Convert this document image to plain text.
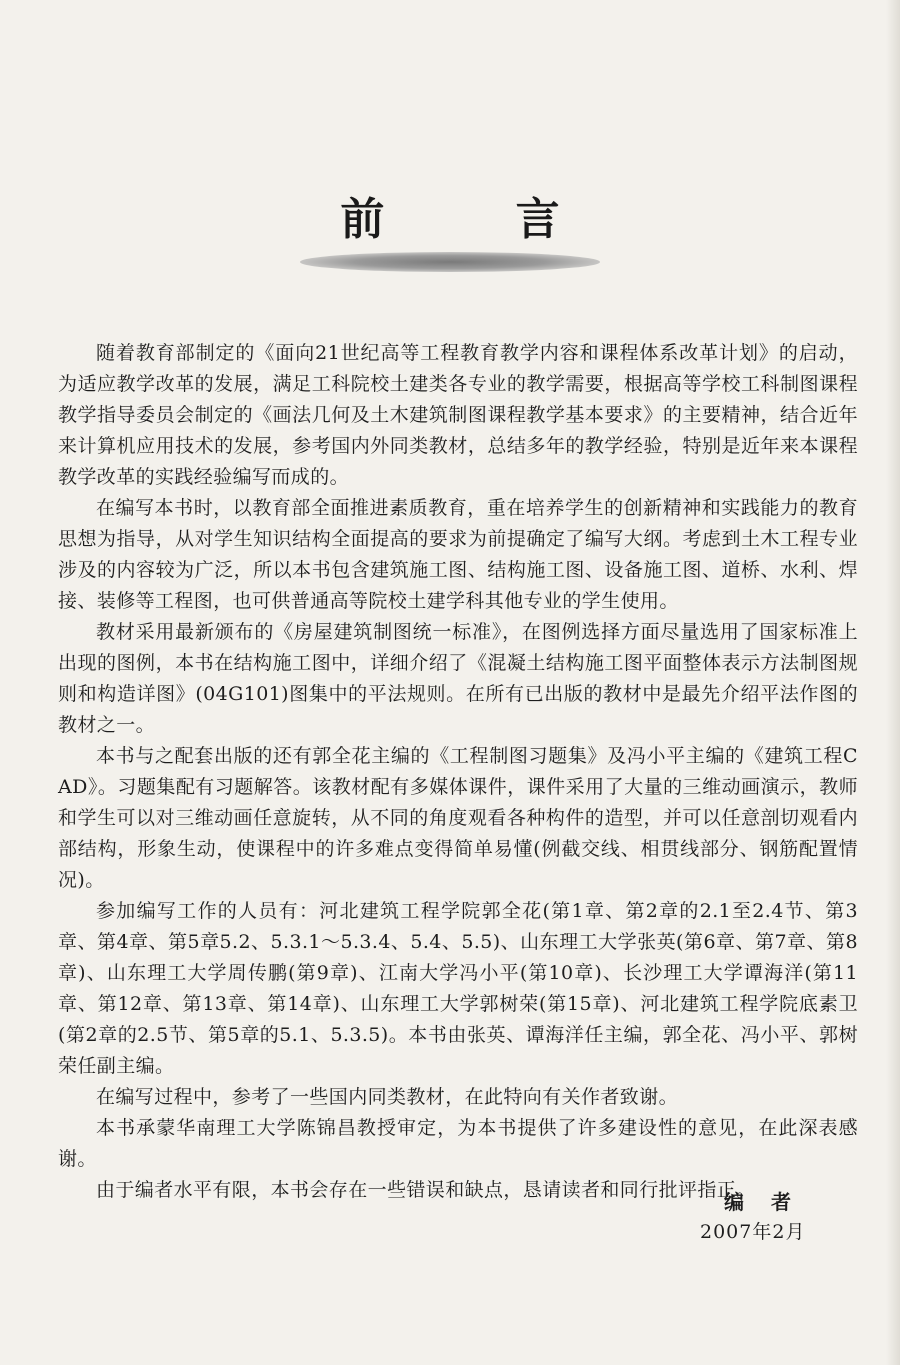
前 言

随着教育部制定的《面向21世纪高等工程教育教学内容和课程体系改革计划》的启动，为适应教学改革的发展，满足工科院校土建类各专业的教学需要，根据高等学校工科制图课程教学指导委员会制定的《画法几何及土木建筑制图课程教学基本要求》的主要精神，结合近年来计算机应用技术的发展，参考国内外同类教材，总结多年的教学经验，特别是近年来本课程教学改革的实践经验编写而成的。

在编写本书时，以教育部全面推进素质教育，重在培养学生的创新精神和实践能力的教育思想为指导，从对学生知识结构全面提高的要求为前提确定了编写大纲。考虑到土木工程专业涉及的内容较为广泛，所以本书包含建筑施工图、结构施工图、设备施工图、道桥、水利、焊接、装修等工程图，也可供普通高等院校土建学科其他专业的学生使用。

教材采用最新颁布的《房屋建筑制图统一标准》，在图例选择方面尽量选用了国家标准上出现的图例，本书在结构施工图中，详细介绍了《混凝土结构施工图平面整体表示方法制图规则和构造详图》(04G101)图集中的平法规则。在所有已出版的教材中是最先介绍平法作图的教材之一。

本书与之配套出版的还有郭全花主编的《工程制图习题集》及冯小平主编的《建筑工程CAD》。习题集配有习题解答。该教材配有多媒体课件，课件采用了大量的三维动画演示，教师和学生可以对三维动画任意旋转，从不同的角度观看各种构件的造型，并可以任意剖切观看内部结构，形象生动，使课程中的许多难点变得简单易懂(例截交线、相贯线部分、钢筋配置情况)。

参加编写工作的人员有：河北建筑工程学院郭全花(第1章、第2章的2.1至2.4节、第3章、第4章、第5章5.2、5.3.1～5.3.4、5.4、5.5)、山东理工大学张英(第6章、第7章、第8章)、山东理工大学周传鹏(第9章)、江南大学冯小平(第10章)、长沙理工大学谭海洋(第11章、第12章、第13章、第14章)、山东理工大学郭树荣(第15章)、河北建筑工程学院底素卫(第2章的2.5节、第5章的5.1、5.3.5)。本书由张英、谭海洋任主编，郭全花、冯小平、郭树荣任副主编。

在编写过程中，参考了一些国内同类教材，在此特向有关作者致谢。

本书承蒙华南理工大学陈锦昌教授审定，为本书提供了许多建设性的意见，在此深表感谢。

由于编者水平有限，本书会存在一些错误和缺点，恳请读者和同行批评指正。

编 者
2007年2月
